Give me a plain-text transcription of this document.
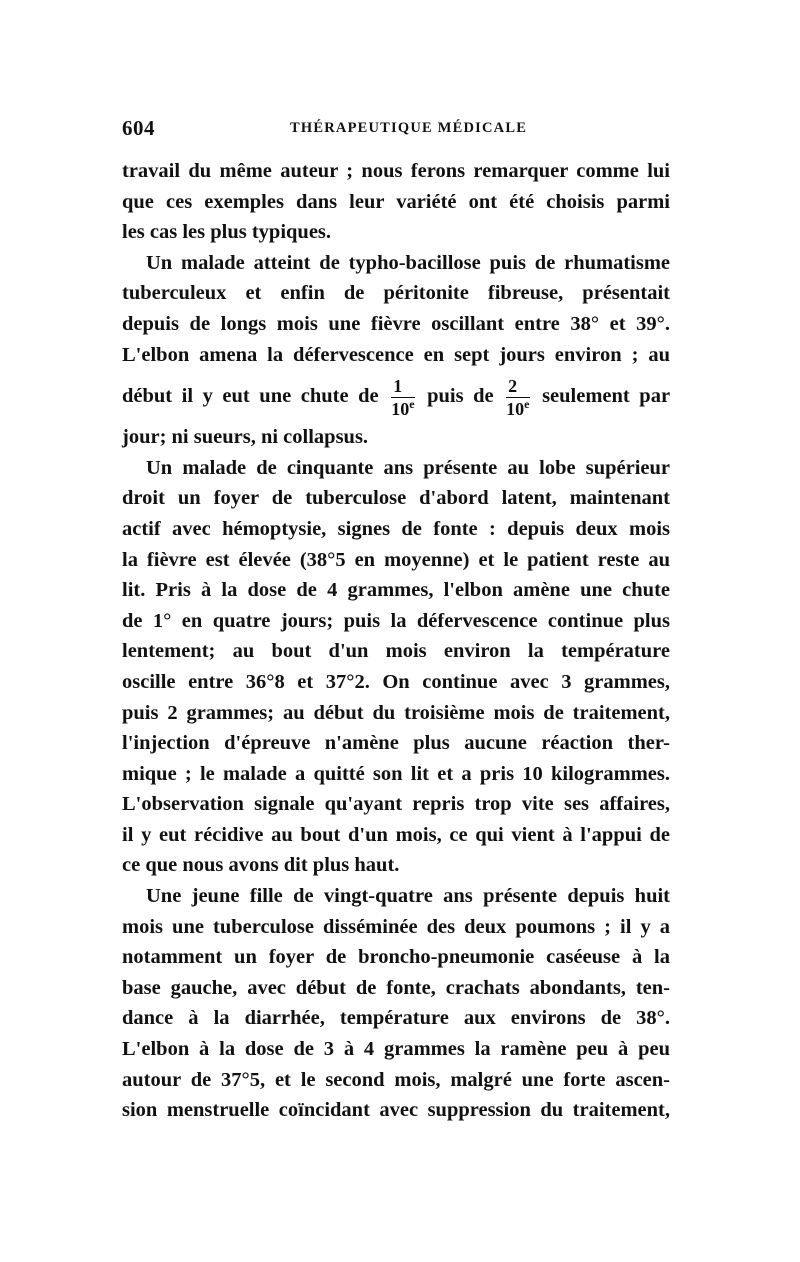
604	THÉRAPEUTIQUE MÉDICALE
travail du même auteur ; nous ferons remarquer comme lui
que ces exemples dans leur variété ont été choisis parmi
les cas les plus typiques.
Un malade atteint de typho-bacillose puis de rhumatisme
tuberculeux et enfin de péritonite fibreuse, présentait
depuis de longs mois une fièvre oscillant entre 38° et 39°.
L'elbon amena la défervescence en sept jours environ ; au
début il y eut une chute de $\frac{1}{10^e}$ puis de $\frac{2}{10^e}$ seulement par
jour; ni sueurs, ni collapsus.
Un malade de cinquante ans présente au lobe supérieur
droit un foyer de tuberculose d'abord latent, maintenant
actif avec hémoptysie, signes de fonte : depuis deux mois
la fièvre est élevée (38°5 en moyenne) et le patient reste au
lit. Pris à la dose de 4 grammes, l'elbon amène une chute
de 1° en quatre jours; puis la défervescence continue plus
lentement; au bout d'un mois environ la température
oscille entre 36°8 et 37°2. On continue avec 3 grammes,
puis 2 grammes; au début du troisième mois de traitement,
l'injection d'épreuve n'amène plus aucune réaction ther-
mique ; le malade a quitté son lit et a pris 10 kilogrammes.
L'observation signale qu'ayant repris trop vite ses affaires,
il y eut récidive au bout d'un mois, ce qui vient à l'appui de
ce que nous avons dit plus haut.
Une jeune fille de vingt-quatre ans présente depuis huit
mois une tuberculose disséminée des deux poumons ; il y a
notamment un foyer de broncho-pneumonie caséeuse à la
base gauche, avec début de fonte, crachats abondants, ten-
dance à la diarrhée, température aux environs de 38°.
L'elbon à la dose de 3 à 4 grammes la ramène peu à peu
autour de 37°5, et le second mois, malgré une forte ascen-
sion menstruelle coïncidant avec suppression du traitement,
